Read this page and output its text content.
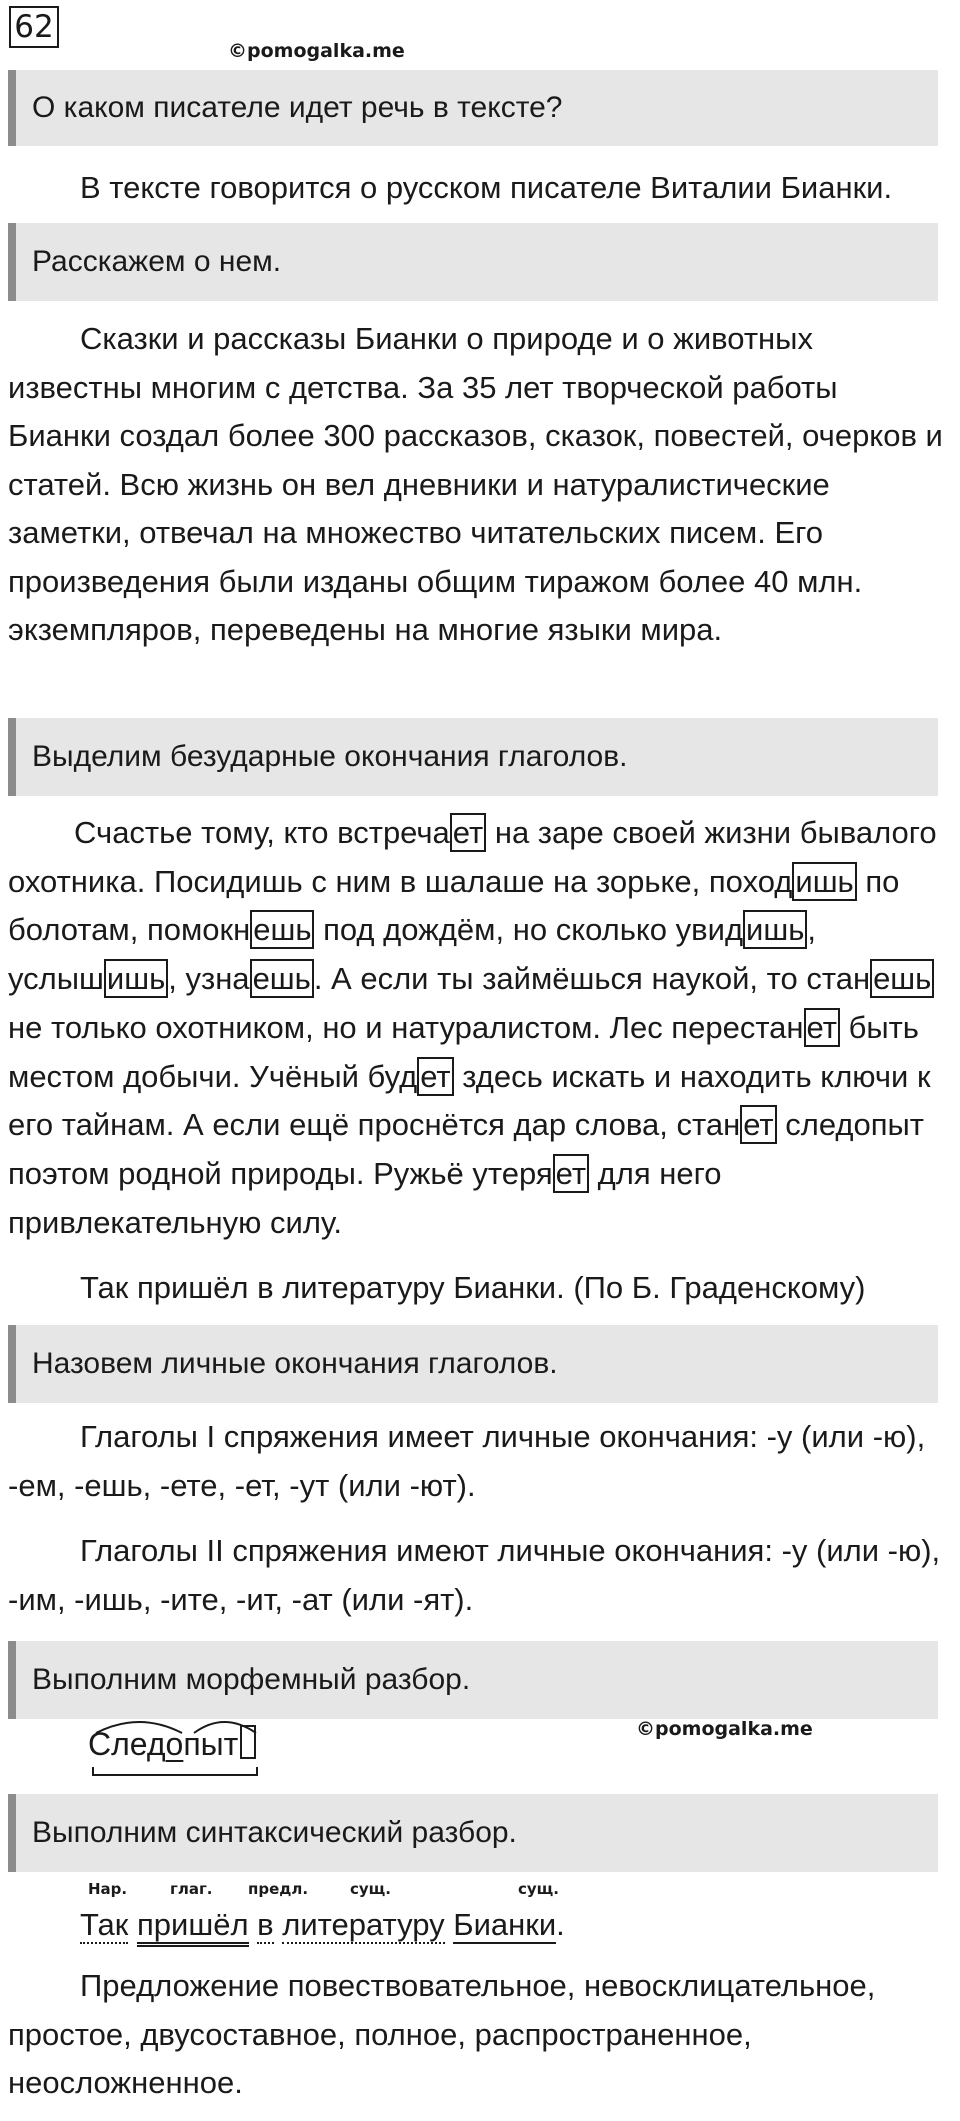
62
©pomogalka.me
О каком писателе идет речь в тексте?
В тексте говорится о русском писателе Виталии Бианки.
Расскажем о нем.
Сказки и рассказы Бианки о природе и о животных известны многим с детства. За 35 лет творческой работы Бианки создал более 300 рассказов, сказок, повестей, очерков и статей. Всю жизнь он вел дневники и натуралистические заметки, отвечал на множество читательских писем. Его произведения были изданы общим тиражом более 40 млн. экземпляров, переведены на многие языки мира.
Выделим безударные окончания глаголов.
Счастье тому, кто встречает на заре своей жизни бывалого охотника. Посидишь с ним в шалаше на зорьке, походишь по болотам, помокнешь под дождём, но сколько увидишь, услышишь, узнаешь. А если ты займёшься наукой, то станешь не только охотником, но и натуралистом. Лес перестанет быть местом добычи. Учёный будет здесь искать и находить ключи к его тайнам. А если ещё проснётся дар слова, станет следопыт поэтом родной природы. Ружьё утеряет для него привлекательную силу.
Так пришёл в литературу Бианки. (По Б. Граденскому)
Назовем личные окончания глаголов.
Глаголы I спряжения имеет личные окончания: -у (или -ю), -ем, -ешь, -ете, -ет, -ут (или -ют).
Глаголы II спряжения имеют личные окончания: -у (или -ю), -им, -ишь, -ите, -ит, -ат (или -ят).
Выполним морфемный разбор.
Следопыт	©pomogalka.me
Выполним синтаксический разбор.
Нар.	глаг. предл.	сущ.	сущ.
Так пришёл в литературу Бианки.
Предложение повествовательное, невосклицательное, простое, двусоставное, полное, распространенное, неосложненное.
